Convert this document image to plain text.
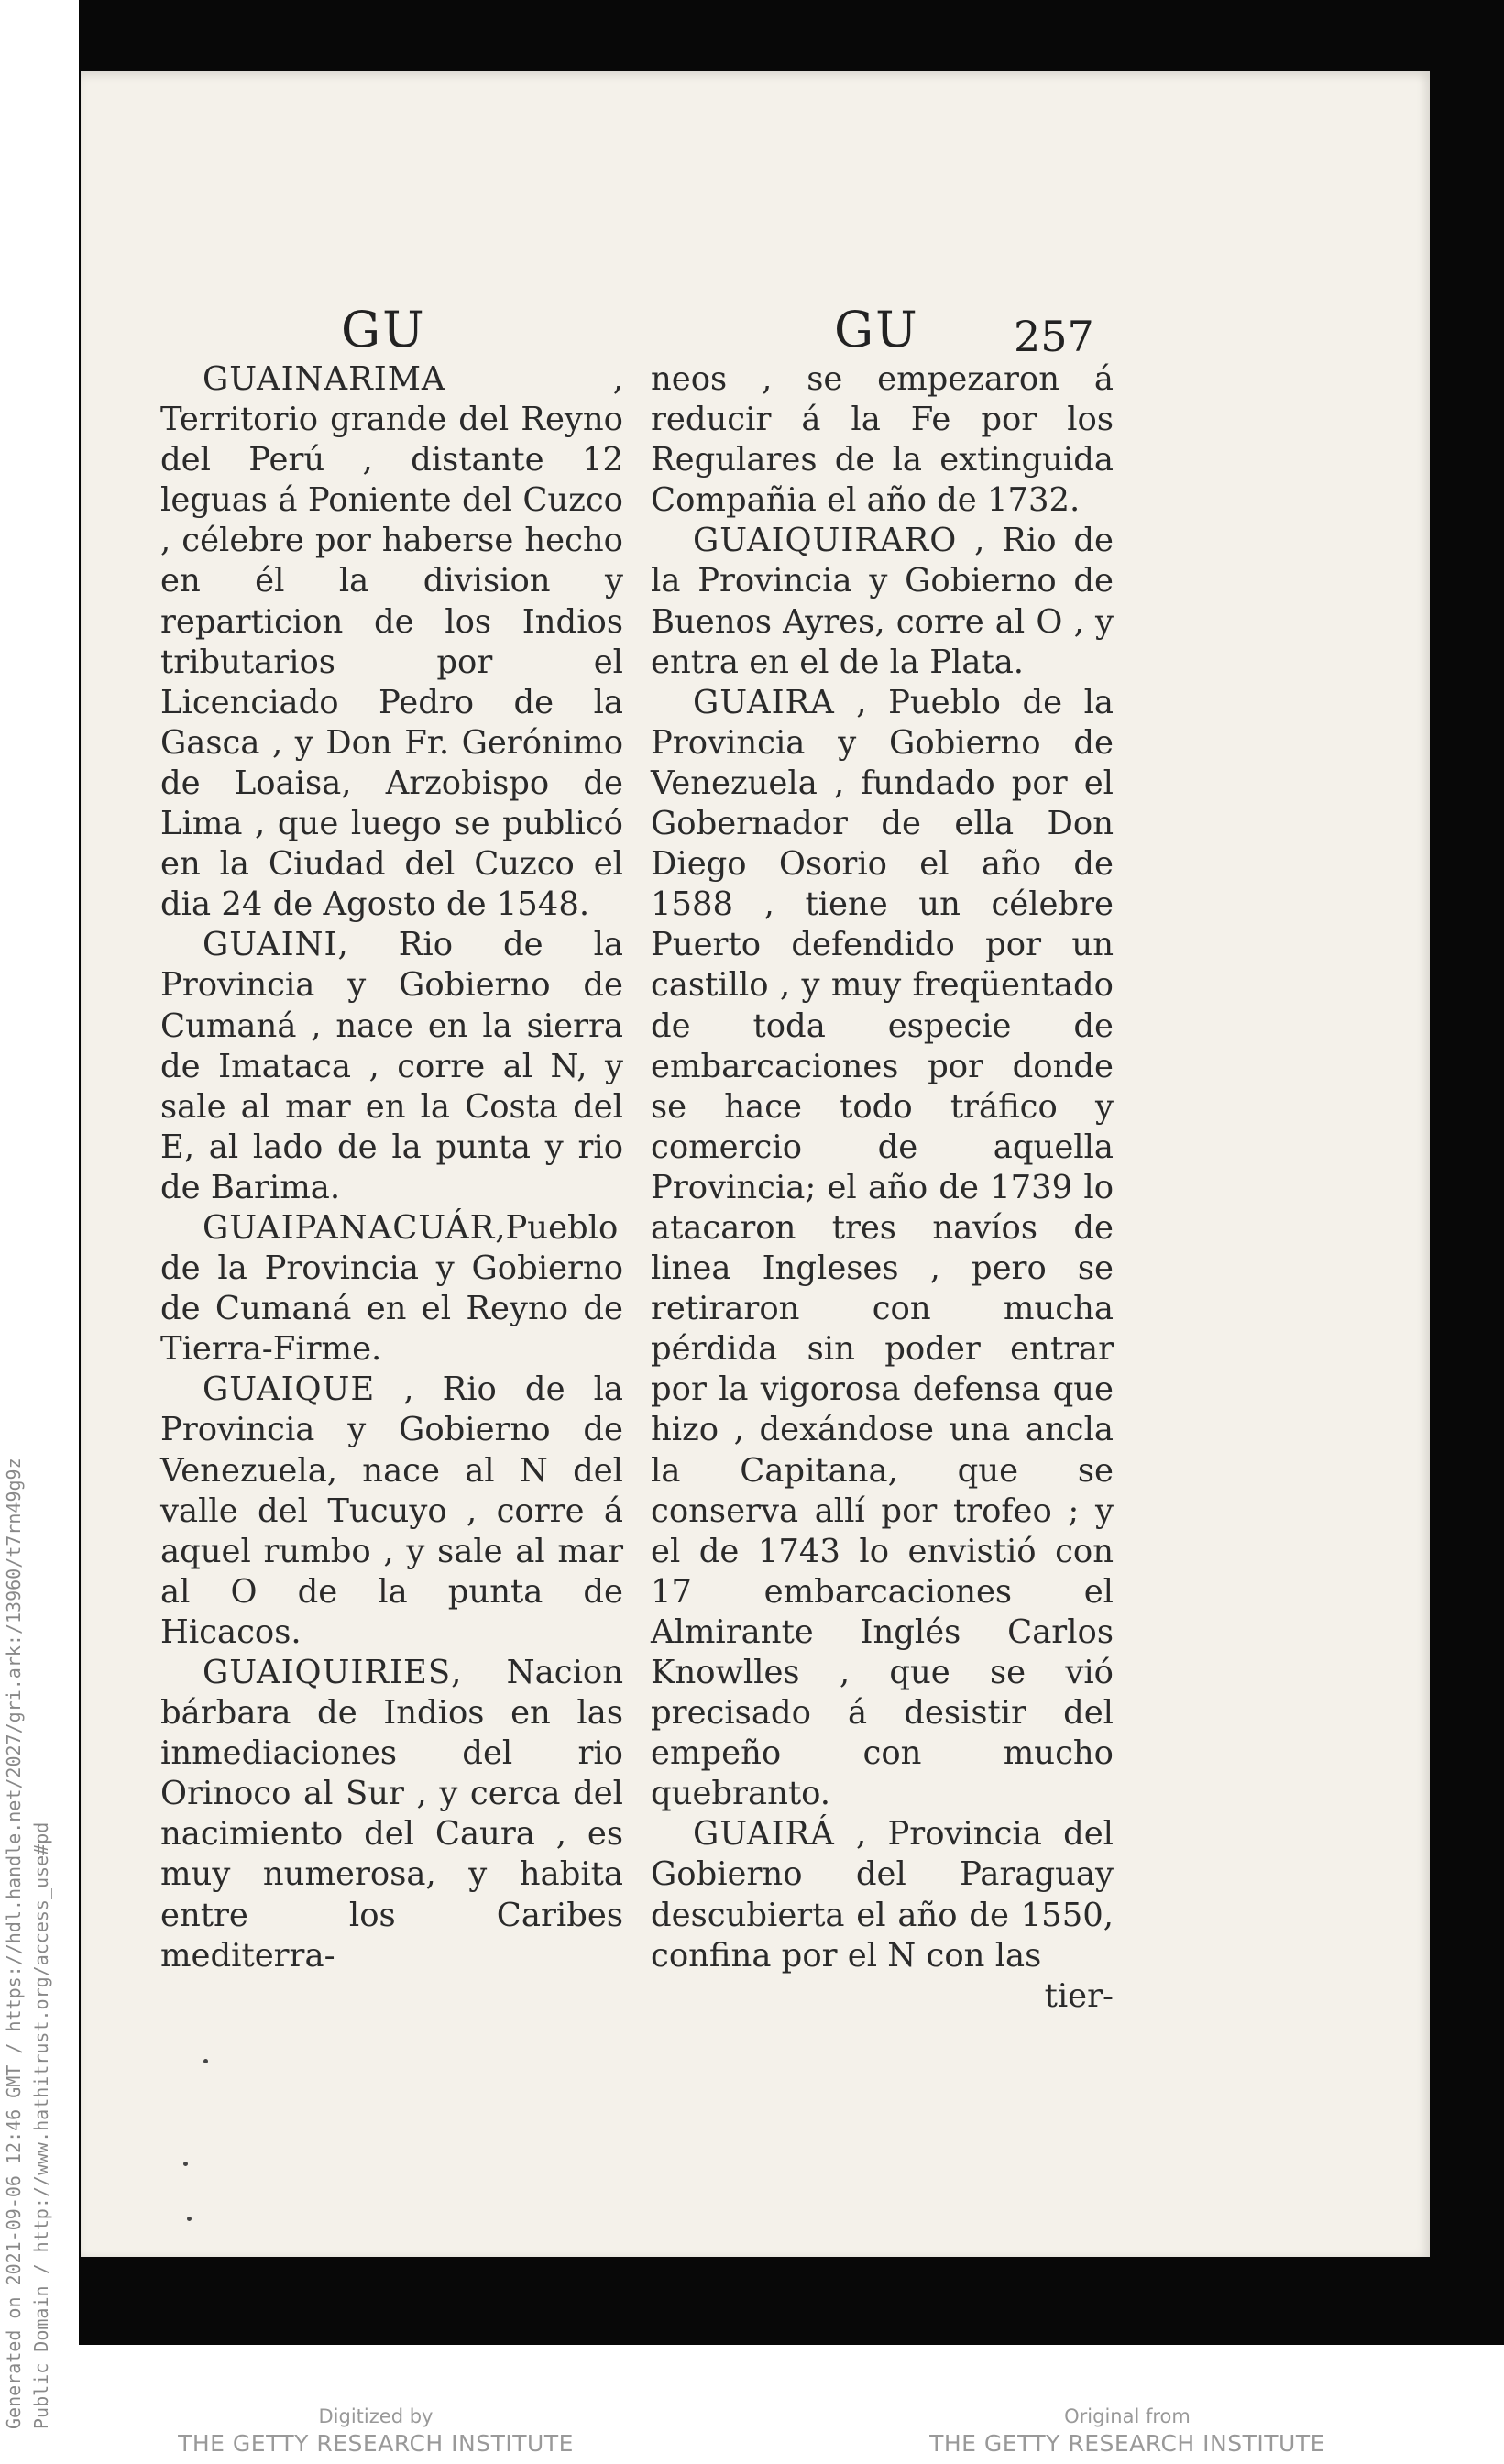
GU	GU 257

GUAINARIMA , Territorio grande del Reyno del Perú , distante 12 leguas á Poniente del Cuzco , célebre por haberse hecho en él la division y reparticion de los Indios tributarios por el Licenciado Pedro de la Gasca , y Don Fr. Gerónimo de Loaisa, Arzobispo de Lima , que luego se publicó en la Ciudad del Cuzco el dia 24 de Agosto de 1548.

GUAINI, Rio de la Provincia y Gobierno de Cumaná , nace en la sierra de Imataca , corre al N, y sale al mar en la Costa del E, al lado de la punta y rio de Barima.

GUAIPANACUÁR,Pueblo de la Provincia y Gobierno de Cumaná en el Reyno de Tierra-Firme.

GUAIQUE , Rio de la Provincia y Gobierno de Venezuela, nace al N del valle del Tucuyo , corre á aquel rumbo , y sale al mar al O de la punta de Hicacos.

GUAIQUIRIES, Nacion bárbara de Indios en las inmediaciones del rio Orinoco al Sur , y cerca del nacimiento del Caura , es muy numerosa, y habita entre los Caribes mediterra-

neos , se empezaron á reducir á la Fe por los Regulares de la extinguida Compañia el año de 1732.

GUAIQUIRARO , Rio de la Provincia y Gobierno de Buenos Ayres, corre al O , y entra en el de la Plata.

GUAIRA , Pueblo de la Provincia y Gobierno de Venezuela , fundado por el Gobernador de ella Don Diego Osorio el año de 1588 , tiene un célebre Puerto defendido por un castillo , y muy freqüentado de toda especie de embarcaciones por donde se hace todo tráfico y comercio de aquella Provincia; el año de 1739 lo atacaron tres navíos de linea Ingleses , pero se retiraron con mucha pérdida sin poder entrar por la vigorosa defensa que hizo , dexándose una ancla la Capitana, que se conserva allí por trofeo ; y el de 1743 lo envistió con 17 embarcaciones el Almirante Inglés Carlos Knowlles , que se vió precisado á desistir del empeño con mucho quebranto.

GUAIRÁ , Provincia del Gobierno del Paraguay descubierta el año de 1550, confina por el N con las

tier-

Generated on 2021-09-06 12:46 GMT / https://hdl.handle.net/2027/gri.ark:/13960/t7rn49g9z Public Domain / http://www.hathitrust.org/access_use#pd	Digitized by
THE GETTY RESEARCH INSTITUTE
Original from
THE GETTY RESEARCH INSTITUTE
